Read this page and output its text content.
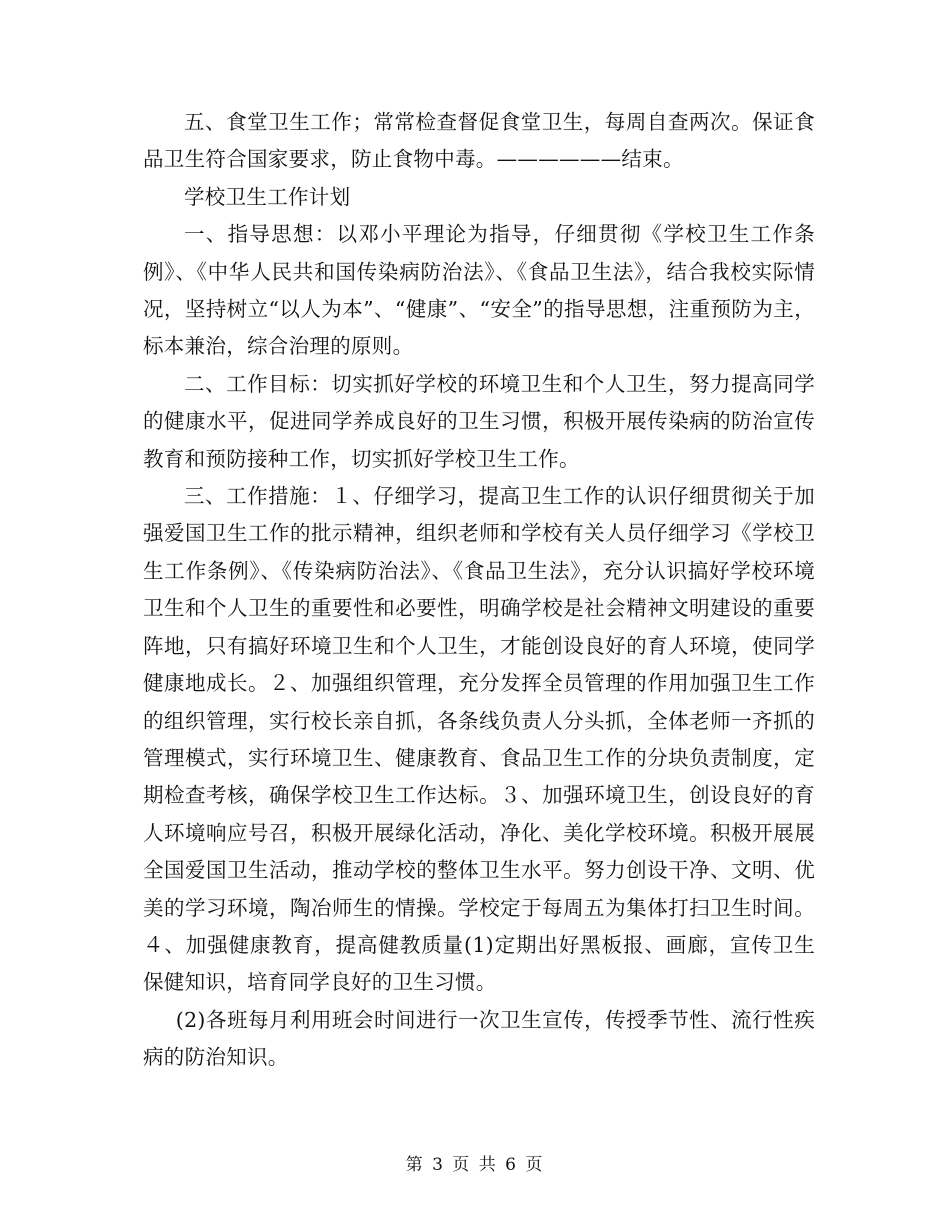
五、食堂卫生工作；常常检查督促食堂卫生，每周自查两次。保证食品卫生符合国家要求，防止食物中毒。——————结束。

学校卫生工作计划

一、指导思想：以邓小平理论为指导，仔细贯彻《学校卫生工作条例》、《中华人民共和国传染病防治法》、《食品卫生法》，结合我校实际情况，坚持树立“以人为本”、“健康”、“安全”的指导思想，注重预防为主，标本兼治，综合治理的原则。

二、工作目标：切实抓好学校的环境卫生和个人卫生，努力提高同学的健康水平，促进同学养成良好的卫生习惯，积极开展传染病的防治宣传教育和预防接种工作，切实抓好学校卫生工作。

三、工作措施：１、仔细学习，提高卫生工作的认识仔细贯彻关于加强爱国卫生工作的批示精神，组织老师和学校有关人员仔细学习《学校卫生工作条例》、《传染病防治法》、《食品卫生法》，充分认识搞好学校环境卫生和个人卫生的重要性和必要性，明确学校是社会精神文明建设的重要阵地，只有搞好环境卫生和个人卫生，才能创设良好的育人环境，使同学健康地成长。２、加强组织管理，充分发挥全员管理的作用加强卫生工作的组织管理，实行校长亲自抓，各条线负责人分头抓，全体老师一齐抓的管理模式，实行环境卫生、健康教育、食品卫生工作的分块负责制度，定期检查考核，确保学校卫生工作达标。３、加强环境卫生，创设良好的育人环境响应号召，积极开展绿化活动，净化、美化学校环境。积极开展展全国爱国卫生活动，推动学校的整体卫生水平。努力创设干净、文明、优美的学习环境，陶冶师生的情操。学校定于每周五为集体打扫卫生时间。４、加强健康教育，提高健教质量(1)定期出好黑板报、画廊，宣传卫生保健知识，培育同学良好的卫生习惯。

(2)各班每月利用班会时间进行一次卫生宣传，传授季节性、流行性疾病的防治知识。

第 3 页 共 6 页
